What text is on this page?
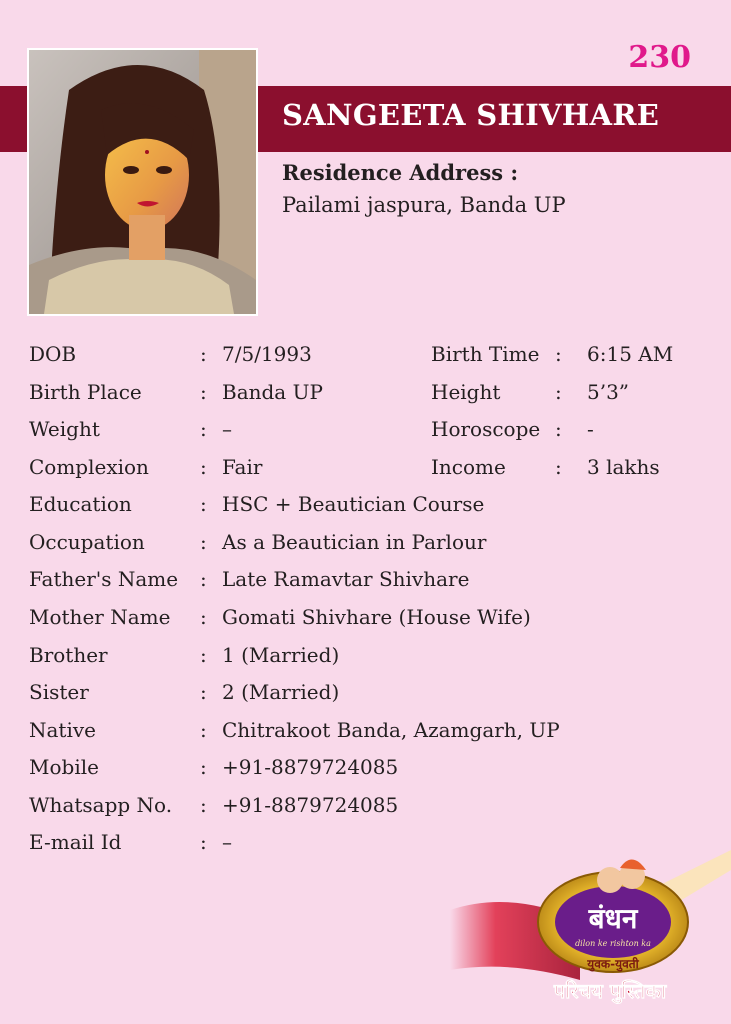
230
SANGEETA SHIVHARE
Residence Address :
Pailami jaspura, Banda UP
DOB	: 7/5/1993	Birth Time : 6:15 AM
Birth Place	: Banda UP	Height	: 5’3”
Weight	: –	Horoscope : -
Complexion	: Fair	Income : 3 lakhs
Education	: HSC + Beautician Course
Occupation	: As a Beautician in Parlour
Father's Name : Late Ramavtar Shivhare
Mother Name : Gomati Shivhare (House Wife)
Brother	: 1 (Married)
Sister	: 2 (Married)
Native	: Chitrakoot Banda, Azamgarh, UP
Mobile	: +91-8879724085
Whatsapp No. : +91-8879724085
E-mail Id	: –
बंधन
dilon ke rishton ka
युवक-युवती
परिचय पुस्तिका
